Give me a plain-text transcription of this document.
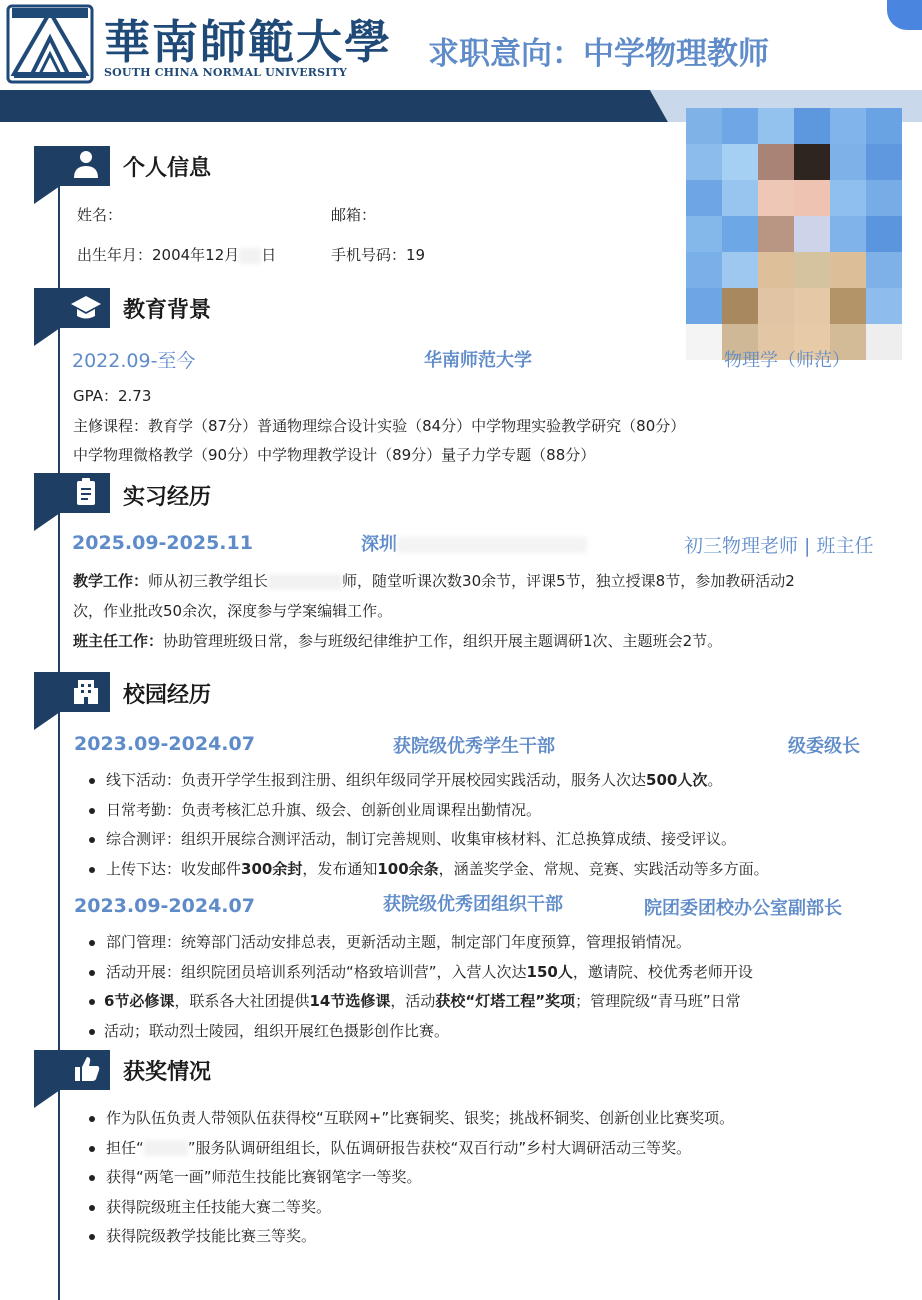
華南師範大學
SOUTH CHINA NORMAL UNIVERSITY
求职意向：中学物理教师
个人信息
姓名：	邮箱：
出生年月：2004年12月 日	手机号码：19
教育背景
2022.09-至今	华南师范大学	物理学（师范）
GPA：2.73
主修课程：教育学（87分）普通物理综合设计实验（84分）中学物理实验教学研究（80分）
中学物理微格教学（90分）中学物理教学设计（89分）量子力学专题（88分）
实习经历
2025.09-2025.11	深圳	初三物理老师 | 班主任
教学工作：师从初三教学组长	师，随堂听课次数30余节，评课5节，独立授课8节，参加教研活动2
次，作业批改50余次，深度参与学案编辑工作。
班主任工作：协助管理班级日常，参与班级纪律维护工作，组织开展主题调研1次、主题班会2节。
校园经历
2023.09-2024.07	获院级优秀学生干部	级委级长
线下活动：负责开学学生报到注册、组织年级同学开展校园实践活动，服务人次达500人次。
日常考勤：负责考核汇总升旗、级会、创新创业周课程出勤情况。
综合测评：组织开展综合测评活动，制订完善规则、收集审核材料、汇总换算成绩、接受评议。
上传下达：收发邮件300余封，发布通知100余条，涵盖奖学金、常规、竞赛、实践活动等多方面。
2023.09-2024.07	获院级优秀团组织干部	院团委团校办公室副部长
部门管理：统筹部门活动安排总表，更新活动主题，制定部门年度预算，管理报销情况。
活动开展：组织院团员培训系列活动“格致培训营”，入营人次达150人，邀请院、校优秀老师开设
6节必修课，联系各大社团提供14节选修课，活动获校“灯塔工程”奖项；管理院级“青马班”日常
活动；联动烈士陵园，组织开展红色摄影创作比赛。
获奖情况
作为队伍负责人带领队伍获得校“互联网+”比赛铜奖、银奖；挑战杯铜奖、创新创业比赛奖项。
担任“	”服务队调研组组长，队伍调研报告获校“双百行动”乡村大调研活动三等奖。
获得“两笔一画”师范生技能比赛钢笔字一等奖。
获得院级班主任技能大赛二等奖。
获得院级教学技能比赛三等奖。
